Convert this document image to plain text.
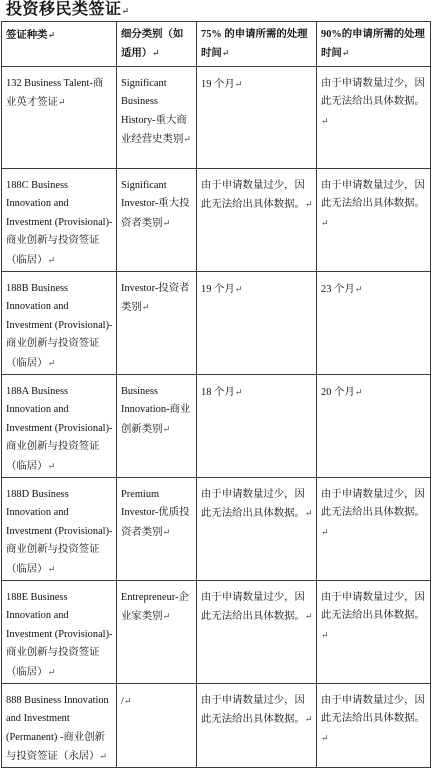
投资移民类签证↵
签证种类↵	细分类别（如适用）↵	75% 的申请所需的处理时间↵	90%的申请所需的处理时间↵
132 Business Talent-商业英才签证↵	Significant Business History-重大商业经营史类别↵	19 个月↵	由于申请数量过少，因此无法给出具体数据。↵
188C Business Innovation and Investment (Provisional)-商业创新与投资签证（临居）↵	Significant Investor-重大投资者类别↵	由于申请数量过少，因此无法给出具体数据。↵	由于申请数量过少，因此无法给出具体数据。↵
188B Business Innovation and Investment (Provisional)-商业创新与投资签证（临居）↵	Investor-投资者类别↵	19 个月↵	23 个月↵
188A Business Innovation and Investment (Provisional)-商业创新与投资签证（临居）↵	Business Innovation-商业创新类别↵	18 个月↵	20 个月↵
188D Business Innovation and Investment (Provisional)-商业创新与投资签证（临居）↵	Premium Investor-优质投资者类别↵	由于申请数量过少，因此无法给出具体数据。↵	由于申请数量过少，因此无法给出具体数据。↵
188E Business Innovation and Investment (Provisional)-商业创新与投资签证（临居）↵	Entrepreneur-企业家类别↵	由于申请数量过少，因此无法给出具体数据。↵	由于申请数量过少，因此无法给出具体数据。↵
888 Business Innovation and Investment (Permanent) -商业创新与投资签证（永居）↵	/↵	由于申请数量过少，因此无法给出具体数据。↵	由于申请数量过少，因此无法给出具体数据。↵
